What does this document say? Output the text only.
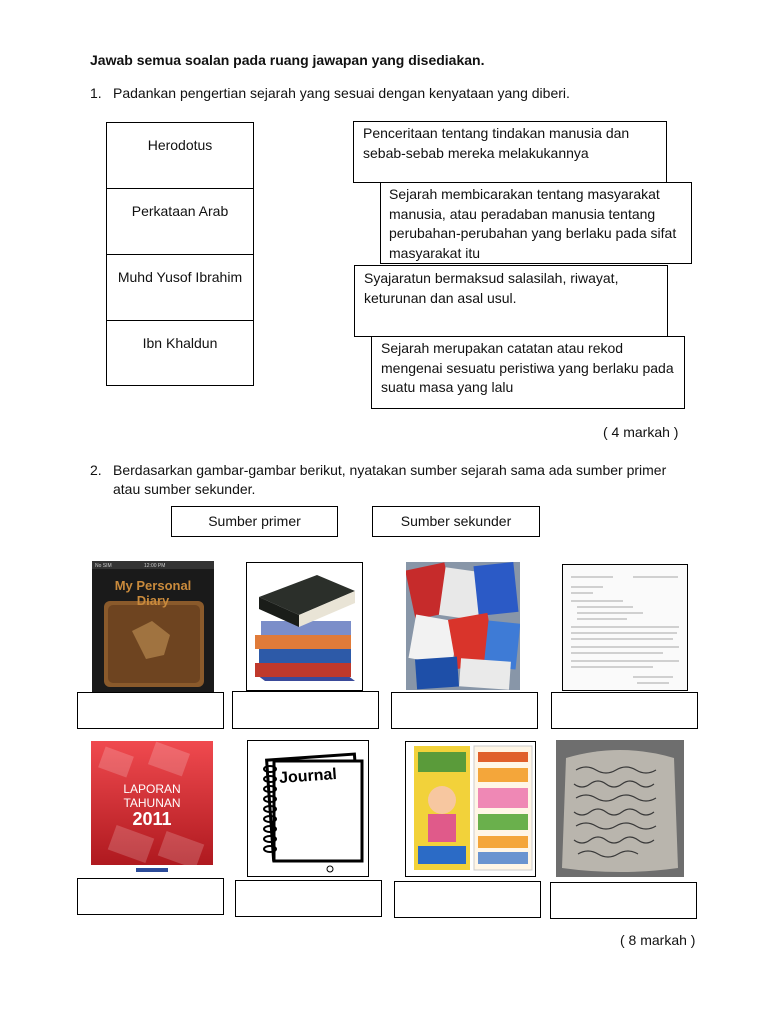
Jawab semua soalan pada ruang jawapan yang disediakan.
1. Padankan pengertian sejarah yang sesuai dengan kenyataan yang diberi.
Herodotus
Perkataan Arab
Muhd Yusof Ibrahim
Ibn Khaldun
Penceritaan tentang tindakan manusia dan
sebab-sebab mereka melakukannya
Sejarah membicarakan tentang masyarakat
manusia, atau peradaban manusia tentang
perubahan-perubahan yang berlaku pada sifat
masyarakat itu
Syajaratun bermaksud salasilah, riwayat,
keturunan dan asal usul.
Sejarah merupakan catatan atau rekod
mengenai sesuatu peristiwa yang berlaku pada
suatu masa yang lalu
( 4 markah )
2. Berdasarkan gambar-gambar berikut, nyatakan sumber sejarah sama ada sumber primer
atau sumber sekunder.
Sumber primer	Sumber sekunder
No SIM	12:00 PM
My Personal
Diary
LAPORAN
TAHUNAN
2011
Journal
( 8 markah )
